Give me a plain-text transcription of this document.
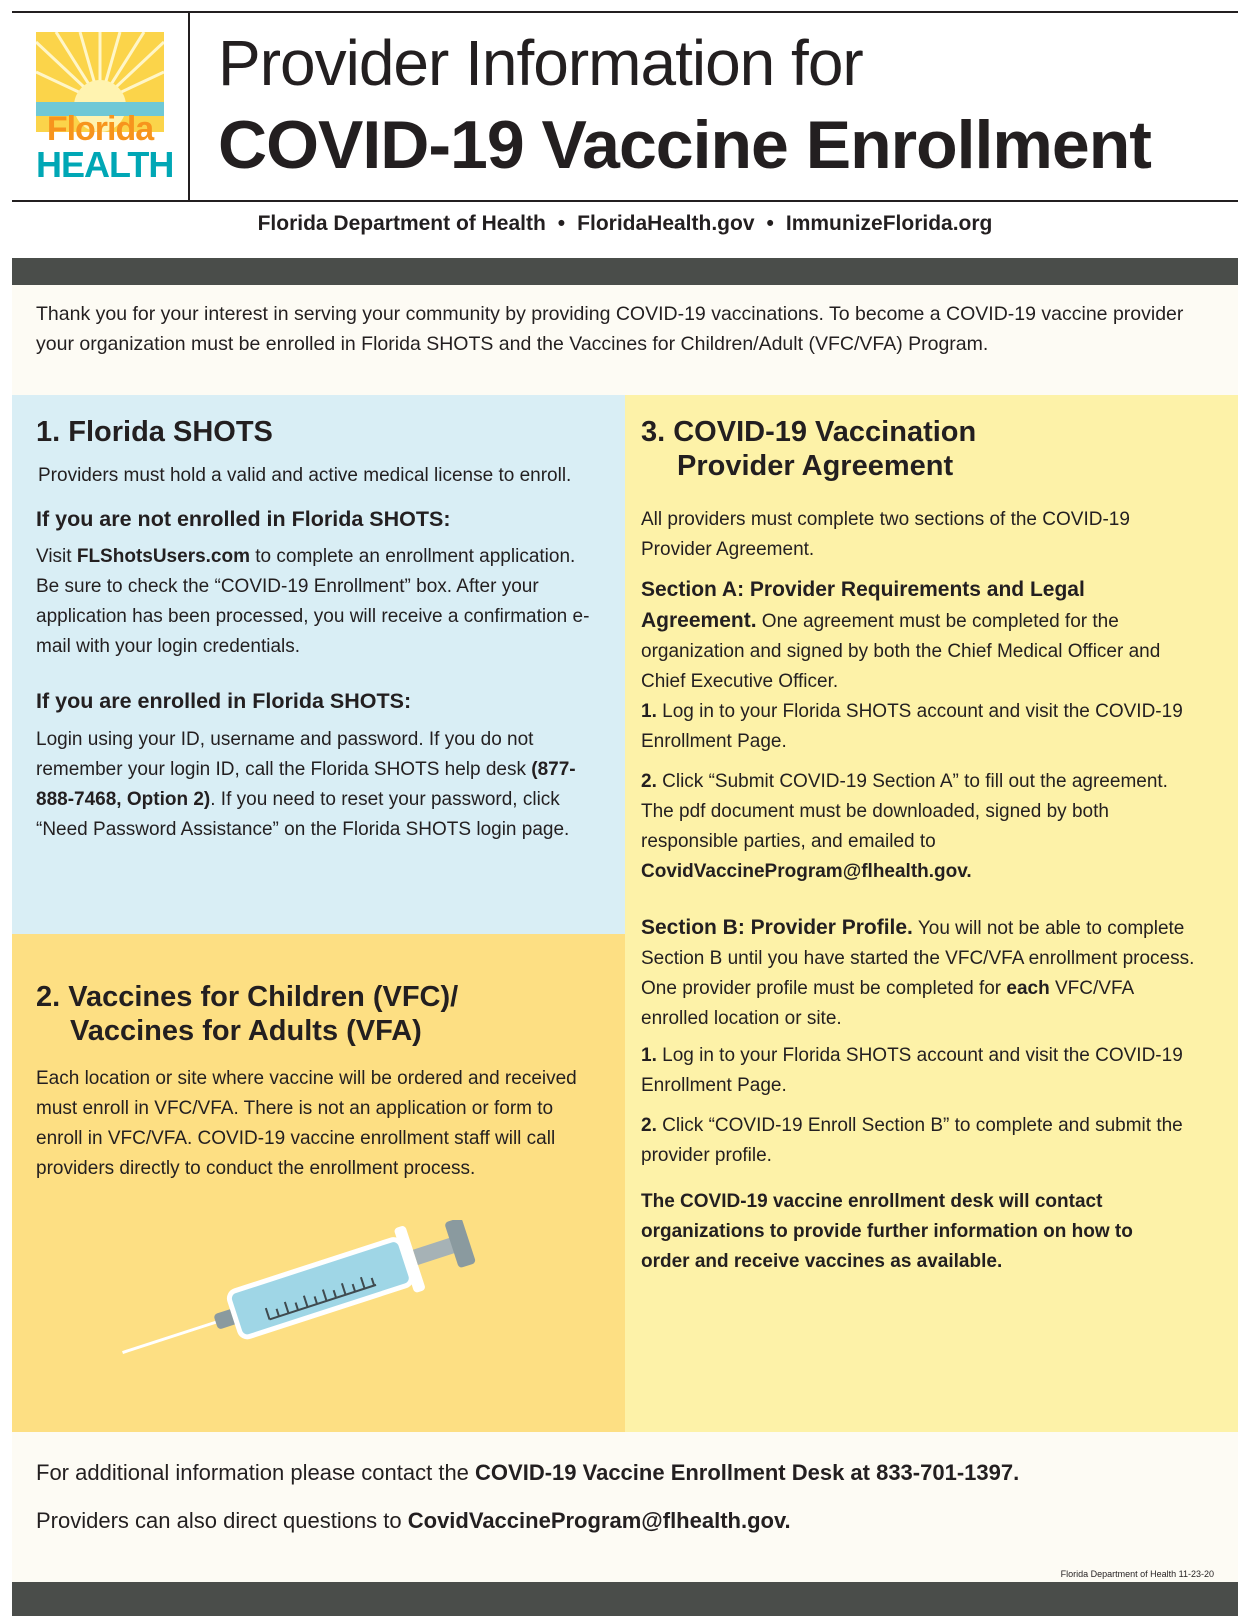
Florida
HEALTH
Provider Information for
COVID-19 Vaccine Enrollment
Florida Department of Health • FloridaHealth.gov • ImmunizeFlorida.org

Thank you for your interest in serving your community by providing COVID-19 vaccinations. To become a COVID-19 vaccine provider your organization must be enrolled in Florida SHOTS and the Vaccines for Children/Adult (VFC/VFA) Program.

1. Florida SHOTS

Providers must hold a valid and active medical license to enroll.

If you are not enrolled in Florida SHOTS:

Visit FLShotsUsers.com to complete an enrollment application. Be sure to check the “COVID-19 Enrollment” box. After your application has been processed, you will receive a confirmation e-mail with your login credentials.

If you are enrolled in Florida SHOTS:

Login using your ID, username and password. If you do not remember your login ID, call the Florida SHOTS help desk (877-888-7468, Option 2). If you need to reset your password, click “Need Password Assistance” on the Florida SHOTS login page.

2. Vaccines for Children (VFC)/
Vaccines for Adults (VFA)

Each location or site where vaccine will be ordered and received must enroll in VFC/VFA. There is not an application or form to enroll in VFC/VFA. COVID-19 vaccine enrollment staff will call providers directly to conduct the enrollment process.

3. COVID-19 Vaccination
Provider Agreement

All providers must complete two sections of the COVID-19 Provider Agreement.

Section A: Provider Requirements and Legal Agreement. One agreement must be completed for the organization and signed by both the Chief Medical Officer and Chief Executive Officer.

1. Log in to your Florida SHOTS account and visit the COVID-19 Enrollment Page.

2. Click “Submit COVID-19 Section A” to fill out the agreement. The pdf document must be downloaded, signed by both responsible parties, and emailed to CovidVaccineProgram@flhealth.gov.

Section B: Provider Profile. You will not be able to complete Section B until you have started the VFC/VFA enrollment process. One provider profile must be completed for each VFC/VFA enrolled location or site.

1. Log in to your Florida SHOTS account and visit the COVID-19 Enrollment Page.

2. Click “COVID-19 Enroll Section B” to complete and submit the provider profile.

The COVID-19 vaccine enrollment desk will contact organizations to provide further information on how to order and receive vaccines as available.

For additional information please contact the COVID-19 Vaccine Enrollment Desk at 833-701-1397.

Providers can also direct questions to CovidVaccineProgram@flhealth.gov.

Florida Department of Health 11-23-20
